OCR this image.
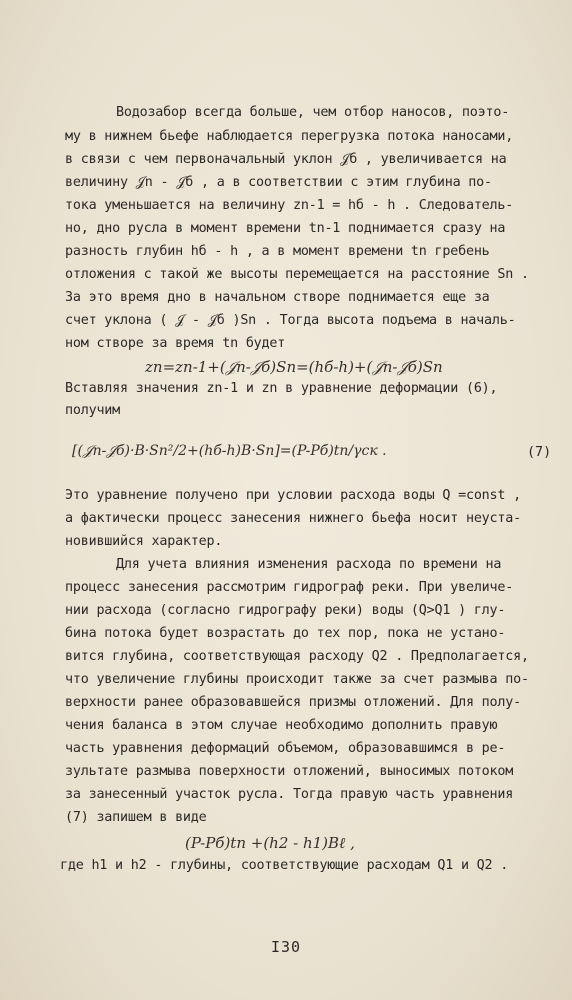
Водозабор всегда больше, чем отбор наносов, поэто-
му в нижнем бьефе наблюдается перегрузка потока наносами,
в связи с чем первоначальный уклон 𝒥б , увеличивается на
величину 𝒥n - 𝒥б , а в соответствии с этим глубина по-
тока уменьшается на величину zn-1 = hб - h . Следователь-
но, дно русла в момент времени tn-1 поднимается сразу на
разность глубин hб - h , а в момент времени tn гребень
отложения с такой же высоты перемещается на расстояние Sn .
За это время дно в начальном створе поднимается еще за
счет уклона ( 𝒥 - 𝒥б )Sn . Тогда высота подъема в началь-
ном створе за время tn будет
zn=zn-1+(𝒥n-𝒥б)Sn=(hб-h)+(𝒥n-𝒥б)Sn
Вставляя значения zn-1 и zn в уравнение деформации (6),
получим
[(𝒥n-𝒥б)·B·Sn²/2+(hб-h)B·Sn]=(P-Pб)tn/γск .	(7)
Это уравнение получено при условии расхода воды Q =const ,
а фактически процесс занесения нижнего бьефа носит неуста-
новившийся характер.
Для учета влияния изменения расхода по времени на
процесс занесения рассмотрим гидрограф реки. При увеличе-
нии расхода (согласно гидрографу реки) воды (Q>Q1 ) глу-
бина потока будет возрастать до тех пор, пока не устано-
вится глубина, соответствующая расходу Q2 . Предполагается,
что увеличение глубины происходит также за счет размыва по-
верхности ранее образовавшейся призмы отложений. Для полу-
чения баланса в этом случае необходимо дополнить правую
часть уравнения деформаций объемом, образовавшимся в ре-
зультате размыва поверхности отложений, выносимых потоком
за занесенный участок русла. Тогда правую часть уравнения
(7) запишем в виде
(P-Pб)tn +(h2 - h1)Bℓ ,
где h1 и h2 - глубины, соответствующие расходам Q1 и Q2 .
I30
